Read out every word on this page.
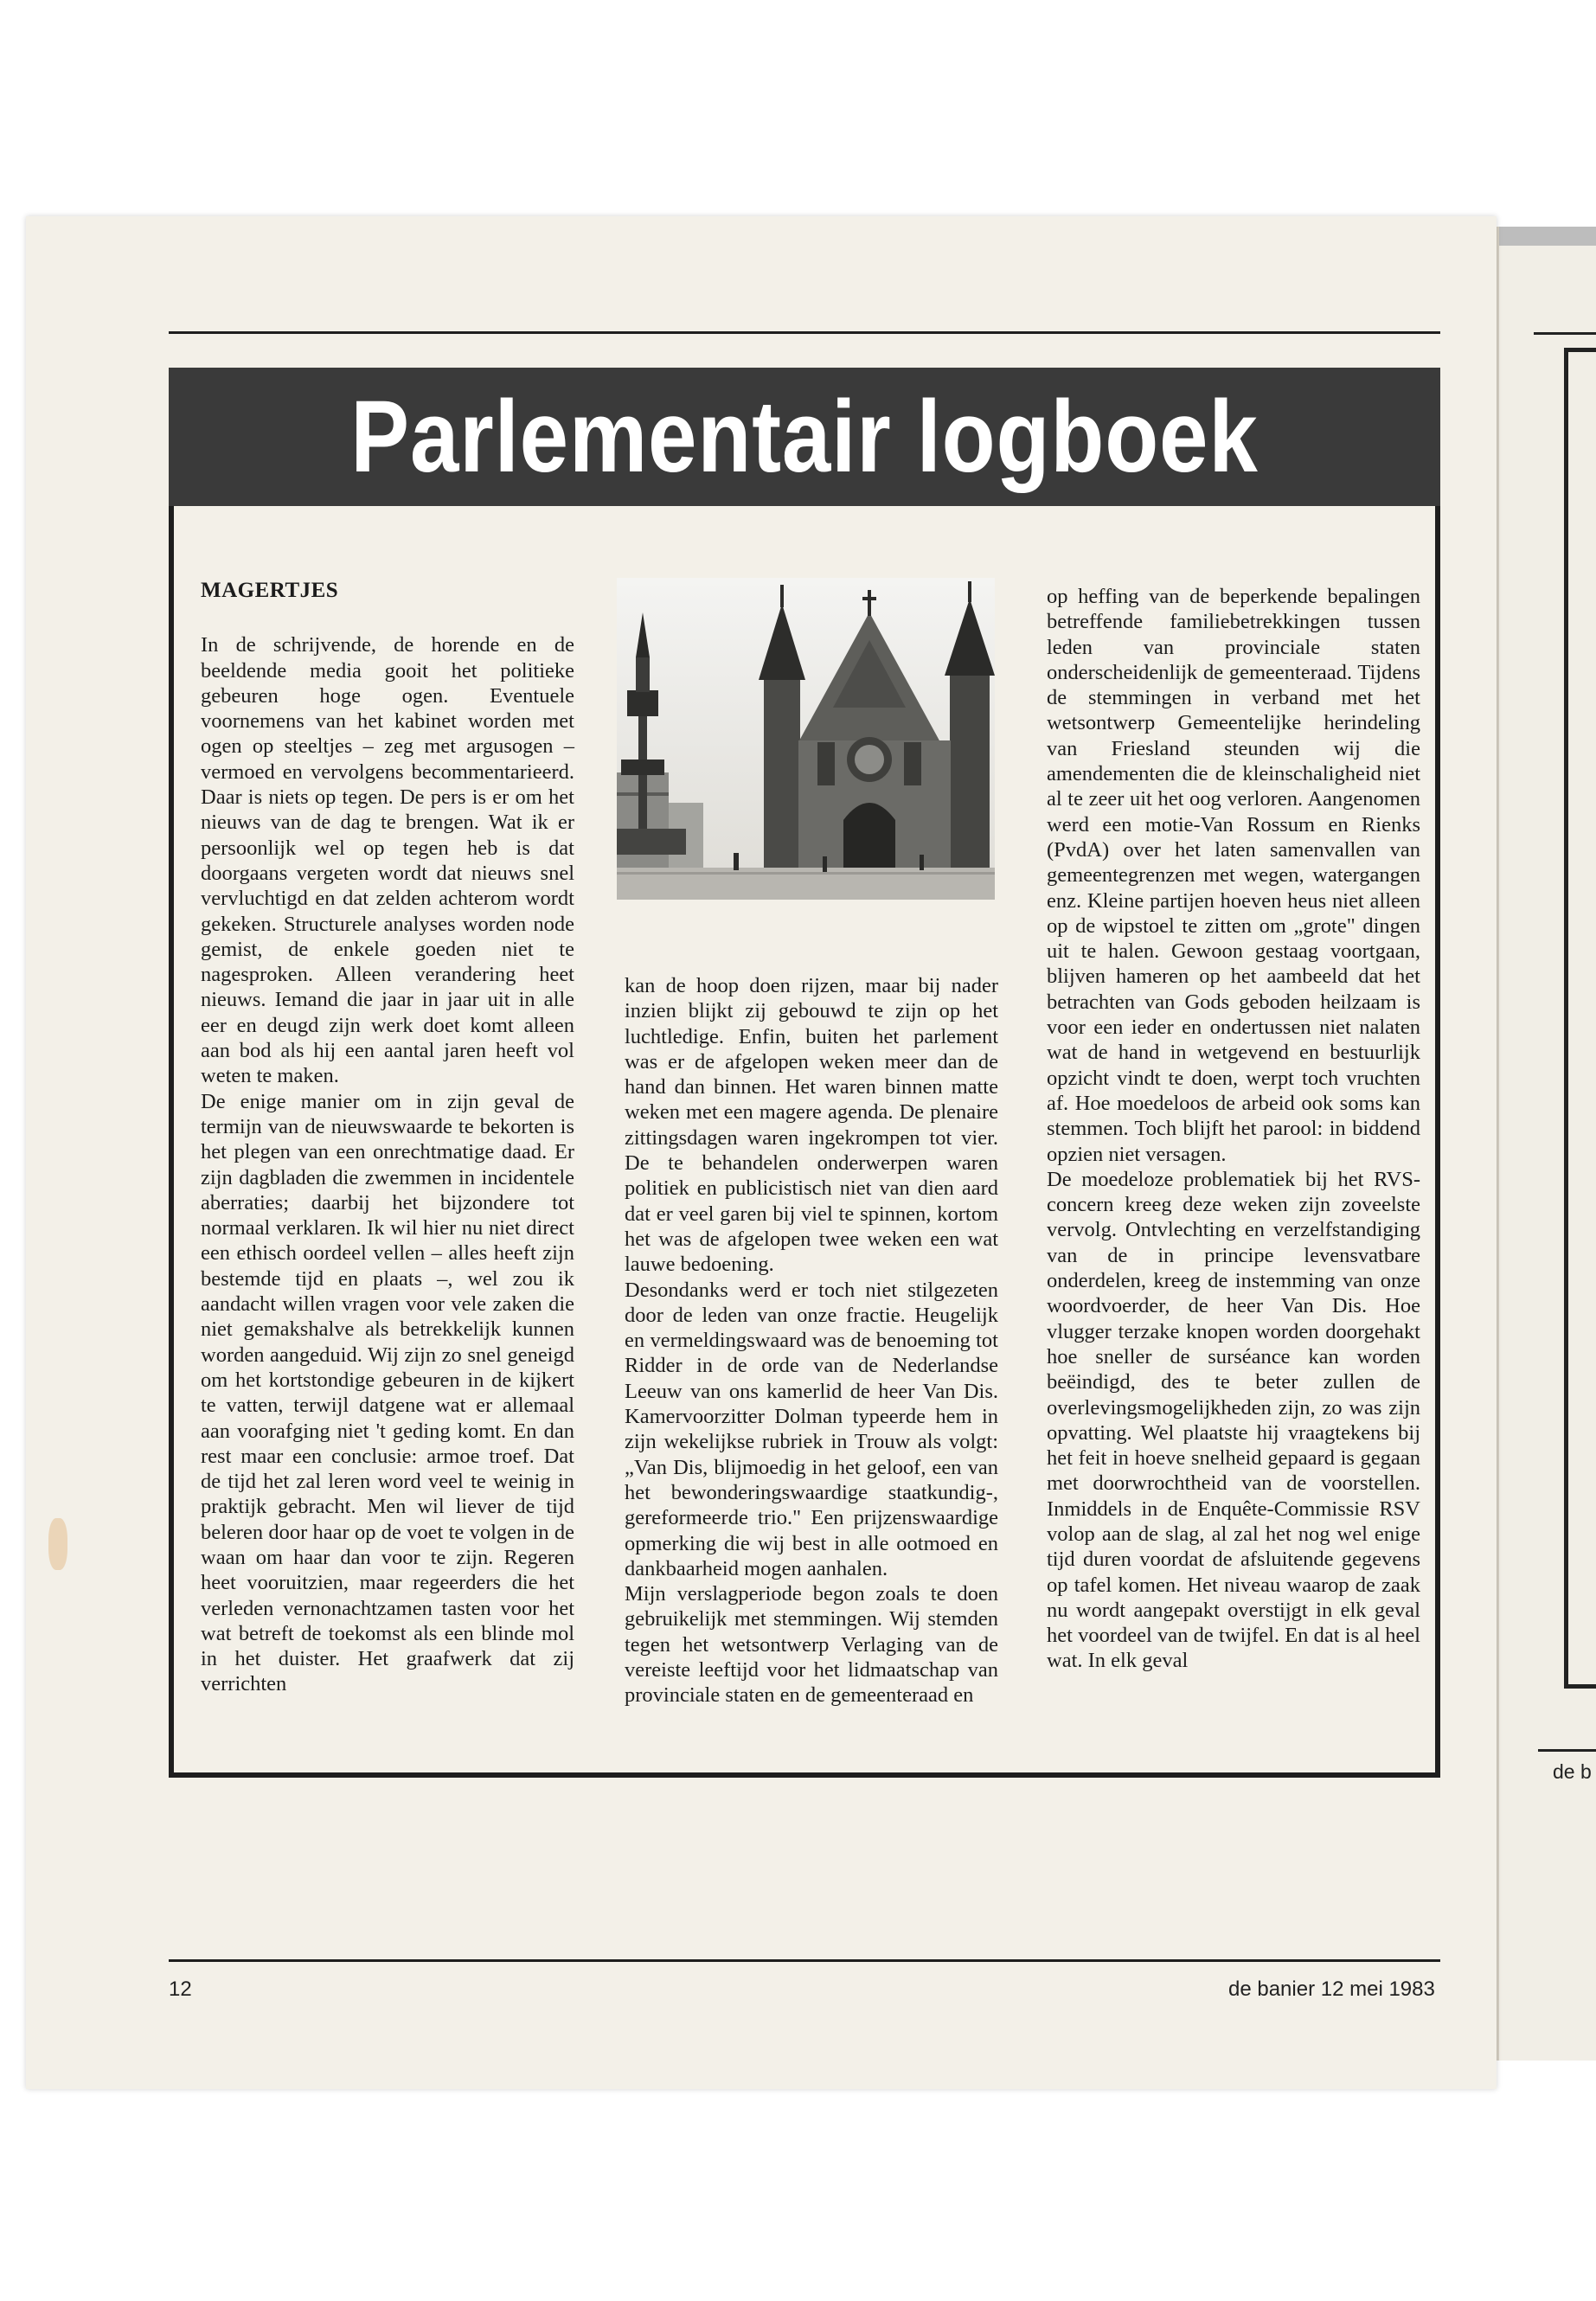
de b
Parlementair logboek

MAGERTJES

In de schrijvende, de horende en de beeldende media gooit het politieke gebeuren hoge ogen. Eventuele voornemens van het kabinet worden met ogen op steeltjes – zeg met argusogen – vermoed en vervolgens becommentarieerd. Daar is niets op tegen. De pers is er om het nieuws van de dag te brengen. Wat ik er persoonlijk wel op tegen heb is dat doorgaans vergeten wordt dat nieuws snel vervluchtigd en dat zelden achterom wordt gekeken. Structurele analyses worden node gemist, de enkele goeden niet te nagesproken. Alleen verandering heet nieuws. Iemand die jaar in jaar uit in alle eer en deugd zijn werk doet komt alleen aan bod als hij een aantal jaren heeft vol weten te maken.

De enige manier om in zijn geval de termijn van de nieuwswaarde te bekorten is het plegen van een onrechtmatige daad. Er zijn dagbladen die zwemmen in incidentele aberraties; daarbij het bijzondere tot normaal verklaren. Ik wil hier nu niet direct een ethisch oordeel vellen – alles heeft zijn bestemde tijd en plaats –, wel zou ik aandacht willen vragen voor vele zaken die niet gemakshalve als betrekkelijk kunnen worden aangeduid. Wij zijn zo snel geneigd om het kortstondige gebeuren in de kijkert te vatten, terwijl datgene wat er allemaal aan voorafging niet 't geding komt. En dan rest maar een conclusie: armoe troef. Dat de tijd het zal leren word veel te weinig in praktijk gebracht. Men wil liever de tijd beleren door haar op de voet te volgen in de waan om haar dan voor te zijn. Regeren heet vooruitzien, maar regeerders die het verleden vernonachtzamen tasten voor het wat betreft de toekomst als een blinde mol in het duister. Het graafwerk dat zij verrichten

kan de hoop doen rijzen, maar bij nader inzien blijkt zij gebouwd te zijn op het luchtledige. Enfin, buiten het parlement was er de afgelopen weken meer dan de hand dan binnen. Het waren binnen matte weken met een magere agenda. De plenaire zittingsdagen waren ingekrompen tot vier. De te behandelen onderwerpen waren politiek en publicistisch niet van dien aard dat er veel garen bij viel te spinnen, kortom het was de afgelopen twee weken een wat lauwe bedoening.

Desondanks werd er toch niet stilgezeten door de leden van onze fractie. Heugelijk en vermeldingswaard was de benoeming tot Ridder in de orde van de Nederlandse Leeuw van ons kamerlid de heer Van Dis. Kamervoorzitter Dolman typeerde hem in zijn wekelijkse rubriek in Trouw als volgt: „Van Dis, blijmoedig in het geloof, een van het bewonderingswaardige staatkundig-, gereformeerde trio." Een prijzenswaardige opmerking die wij best in alle ootmoed en dankbaarheid mogen aanhalen.

Mijn verslagperiode begon zoals te doen gebruikelijk met stemmingen. Wij stemden tegen het wetsontwerp Verlaging van de vereiste leeftijd voor het lidmaatschap van provinciale staten en de gemeenteraad en

op heffing van de beperkende bepalingen betreffende familiebetrekkingen tussen leden van provinciale staten onderscheidenlijk de gemeenteraad. Tijdens de stemmingen in verband met het wetsontwerp Gemeentelijke herindeling van Friesland steunden wij die amendementen die de kleinschaligheid niet al te zeer uit het oog verloren. Aangenomen werd een motie-Van Rossum en Rienks (PvdA) over het laten samenvallen van gemeentegrenzen met wegen, watergangen enz. Kleine partijen hoeven heus niet alleen op de wipstoel te zitten om „grote" dingen uit te halen. Gewoon gestaag voortgaan, blijven hameren op het aambeeld dat het betrachten van Gods geboden heilzaam is voor een ieder en ondertussen niet nalaten wat de hand in wetgevend en bestuurlijk opzicht vindt te doen, werpt toch vruchten af. Hoe moedeloos de arbeid ook soms kan stemmen. Toch blijft het parool: in biddend opzien niet versagen.

De moedeloze problematiek bij het RVS-concern kreeg deze weken zijn zoveelste vervolg. Ontvlechting en verzelfstandiging van de in principe levensvatbare onderdelen, kreeg de instemming van onze woordvoerder, de heer Van Dis. Hoe vlugger terzake knopen worden doorgehakt hoe sneller de surséance kan worden beëindigd, des te beter zullen de overlevingsmogelijkheden zijn, zo was zijn opvatting. Wel plaatste hij vraagtekens bij het feit in hoeve snelheid gepaard is gegaan met doorwrochtheid van de voorstellen. Inmiddels in de Enquête-Commissie RSV volop aan de slag, al zal het nog wel enige tijd duren voordat de afsluitende gegevens op tafel komen. Het niveau waarop de zaak nu wordt aangepakt overstijgt in elk geval het voordeel van de twijfel. En dat is al heel wat. In elk geval

12	de banier 12 mei 1983
